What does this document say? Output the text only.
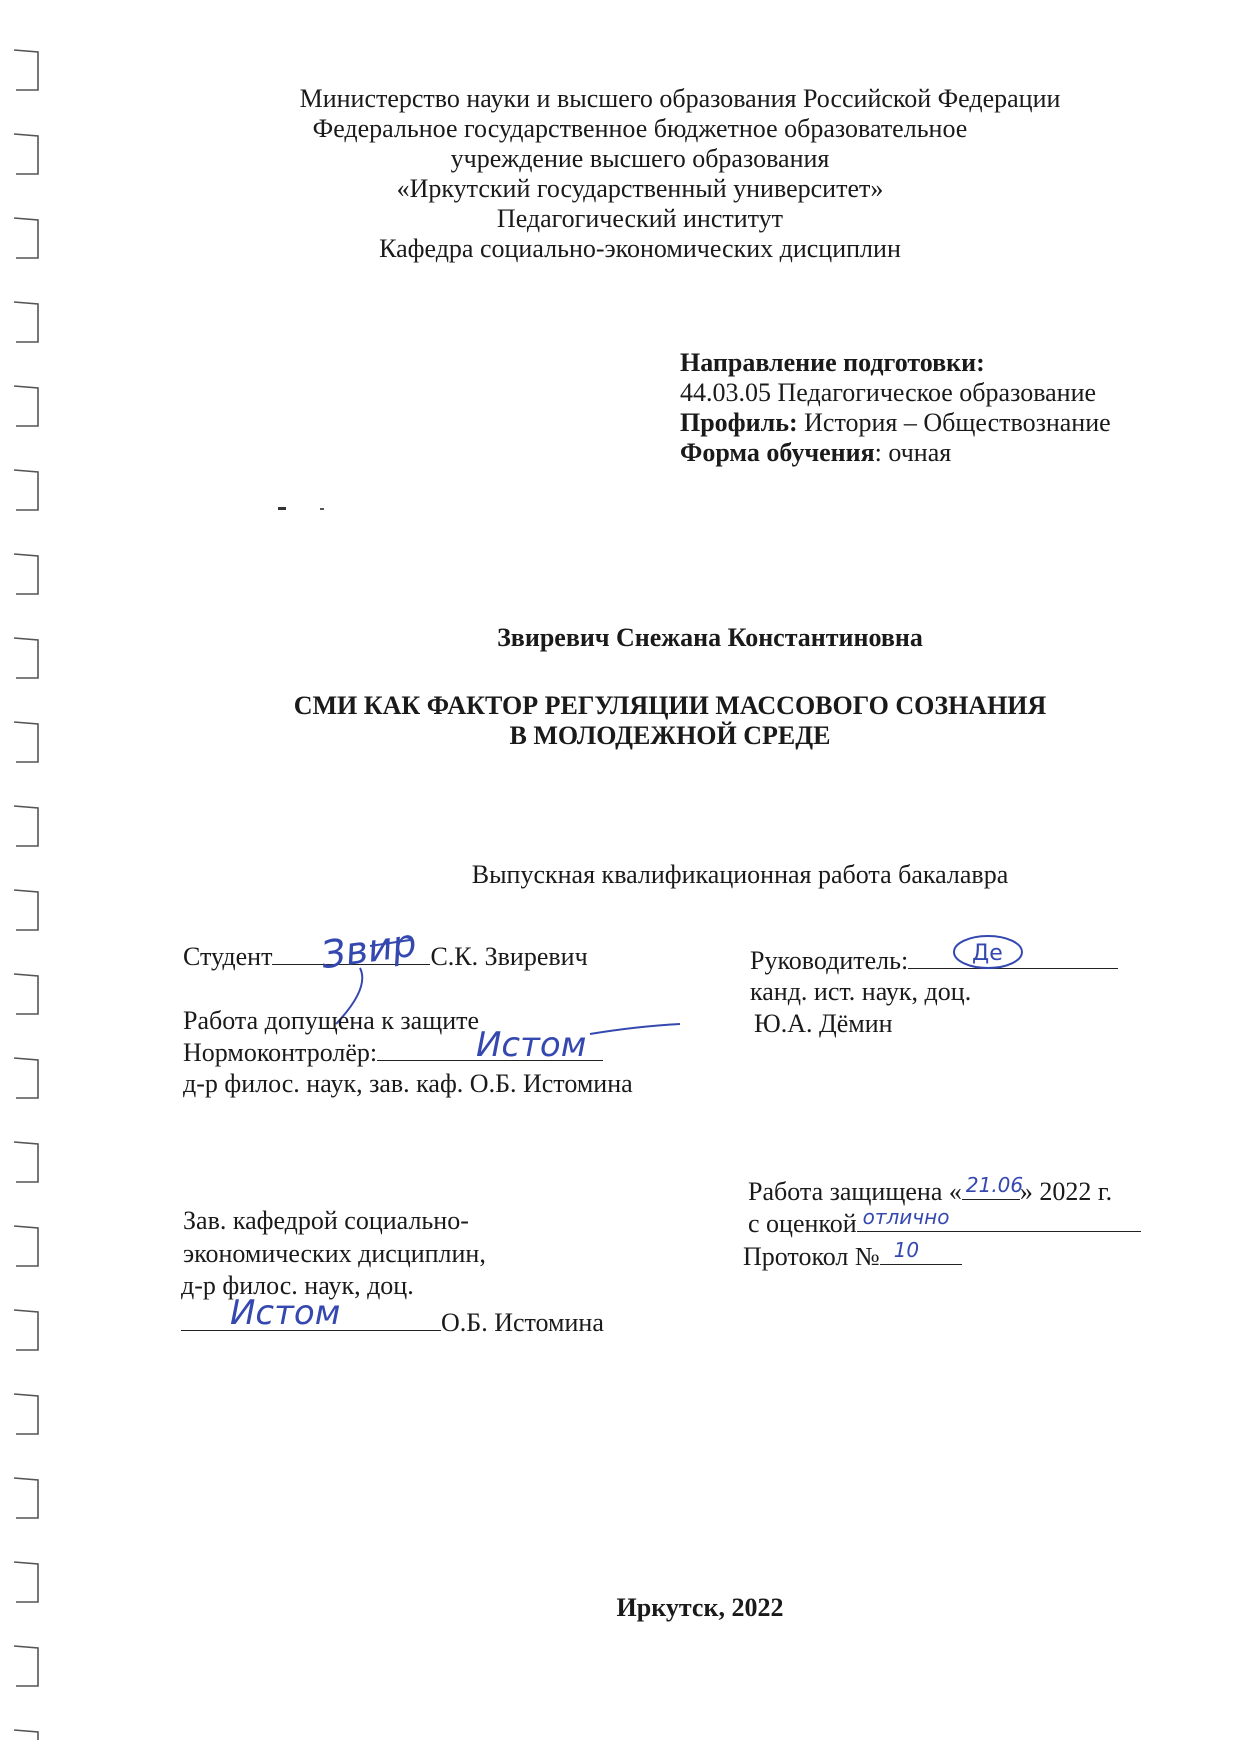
Министерство науки и высшего образования Российской Федерации
Федеральное государственное бюджетное образовательное
учреждение высшего образования
«Иркутский государственный университет»
Педагогический институт
Кафедра социально-экономических дисциплин
Направление подготовки:
44.03.05 Педагогическое образование
Профиль: История – Обществознание
Форма обучения: очная
Звиревич Снежана Константиновна
СМИ КАК ФАКТОР РЕГУЛЯЦИИ МАССОВОГО СОЗНАНИЯ
В МОЛОДЕЖНОЙ СРЕДЕ
Выпускная квалификационная работа бакалавра
Студент	С.К. Звиревич
Звир	Руководитель:	Де
канд. ист. наук, доц.
Ю.А. Дёмин
Работа допущена к защите
Нормоконтролёр:	Истом
д-р филос. наук, зав. каф. О.Б. Истомина
Работа защищена « 21.06
» 2022 г.
с оценкой отлично
Протокол № 10
Зав. кафедрой социально-
экономических дисциплин,
д-р филос. наук, доц.
О.Б. Истомина
Истом
Иркутск, 2022
